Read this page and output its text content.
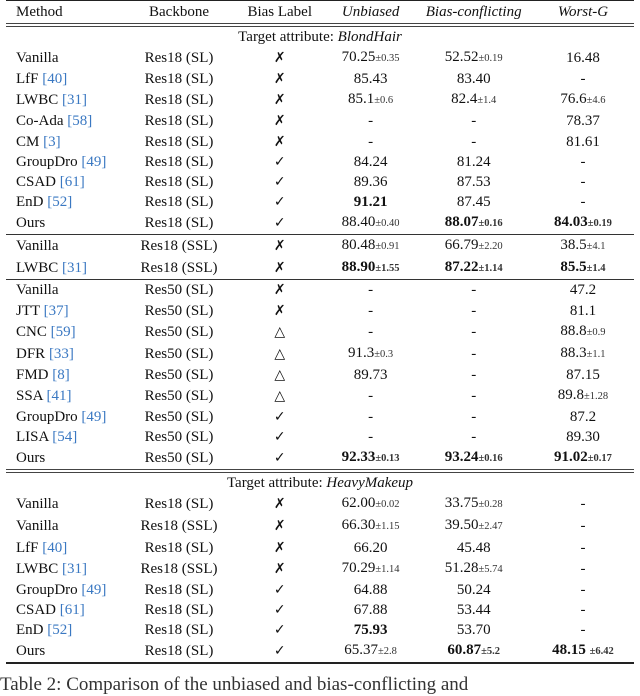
Method	Backbone	Bias Label	Unbiased	Bias-conflicting	Worst-G
Target attribute: BlondHair					
Vanilla	Res18 (SL)	✗	70.25±0.35	52.52±0.19	16.48
LfF [40]	Res18 (SL)	✗	85.43	83.40	-
LWBC [31]	Res18 (SL)	✗	85.1±0.6	82.4±1.4	76.6±4.6
Co-Ada [58]	Res18 (SL)	✗	-	-	78.37
CM [3]	Res18 (SL)	✗	-	-	81.61
GroupDro [49]	Res18 (SL)	✓	84.24	81.24	-
CSAD [61]	Res18 (SL)	✓	89.36	87.53	-
EnD [52]	Res18 (SL)	✓	91.21	87.45	-
Ours	Res18 (SL)	✓	88.40±0.40	88.07±0.16	84.03±0.19
Vanilla	Res18 (SSL)	✗	80.48±0.91	66.79±2.20	38.5±4.1
LWBC [31]	Res18 (SSL)	✗	88.90±1.55	87.22±1.14	85.5±1.4
Vanilla	Res50 (SL)	✗	-	-	47.2
JTT [37]	Res50 (SL)	✗	-	-	81.1
CNC [59]	Res50 (SL)	△	-	-	88.8±0.9
DFR [33]	Res50 (SL)	△	91.3±0.3	-	88.3±1.1
FMD [8]	Res50 (SL)	△	89.73	-	87.15
SSA [41]	Res50 (SL)	△	-	-	89.8±1.28
GroupDro [49]	Res50 (SL)	✓	-	-	87.2
LISA [54]	Res50 (SL)	✓	-	-	89.30
Ours	Res50 (SL)	✓	92.33±0.13	93.24±0.16	91.02±0.17
Target attribute: HeavyMakeup					
Vanilla	Res18 (SL)	✗	62.00±0.02	33.75±0.28	-
Vanilla	Res18 (SSL)	✗	66.30±1.15	39.50±2.47	-
LfF [40]	Res18 (SL)	✗	66.20	45.48	-
LWBC [31]	Res18 (SSL)	✗	70.29±1.14	51.28±5.74	-
GroupDro [49]	Res18 (SL)	✓	64.88	50.24	-
CSAD [61]	Res18 (SL)	✓	67.88	53.44	-
EnD [52]	Res18 (SL)	✓	75.93	53.70	-
Ours	Res18 (SL)	✓	65.37±2.8	60.87±5.2	48.15 ±6.42
Table 2: Comparison of the unbiased and bias-conflicting and
